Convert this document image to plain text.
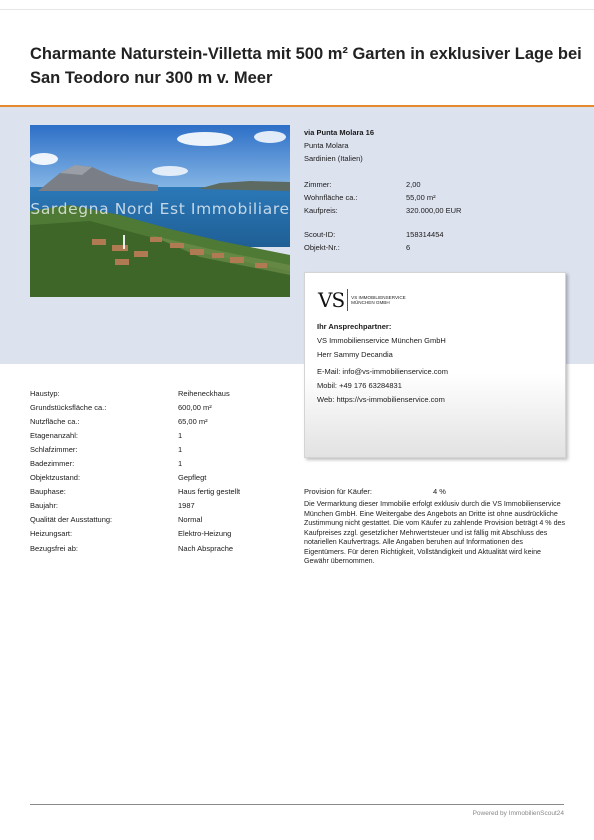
Charmante Naturstein-Villetta mit 500 m² Garten in exklusiver Lage bei San Teodoro nur 300 m v. Meer
Sardegna Nord Est Immobiliare
via Punta Molara 16
Punta Molara
Sardinien (Italien)
Zimmer:	2,00
Wohnfläche ca.:	55,00 m²
Kaufpreis:	320.000,00 EUR
Scout-ID:	158314454
Objekt-Nr.:	6
VS VS IMMOBILIENSERVICE
MÜNCHEN GMBH
Ihr Ansprechpartner:
VS Immobilienservice München GmbH
Herr Sammy Decandia
E-Mail: info@vs-immobilienservice.com
Mobil: +49 176 63284831
Web: https://vs-immobilienservice.com
Haustyp:	Reiheneckhaus
Grundstücksfläche ca.:	600,00 m²
Nutzfläche ca.:	65,00 m²
Etagenanzahl:	1
Schlafzimmer:	1
Badezimmer:	1
Objektzustand:	Gepflegt
Bauphase:	Haus fertig gestellt
Baujahr:	1987
Qualität der Ausstattung:	Normal
Heizungsart:	Elektro-Heizung
Bezugsfrei ab:	Nach Absprache
Provision für Käufer:	4 %

Die Vermarktung dieser Immobilie erfolgt exklusiv durch die VS Immobilienservice München GmbH. Eine Weitergabe des Angebots an Dritte ist ohne ausdrückliche Zustimmung nicht gestattet. Die vom Käufer zu zahlende Provision beträgt 4 % des Kaufpreises zzgl. gesetzlicher Mehrwertsteuer und ist fällig mit Abschluss des notariellen Kaufvertrags. Alle Angaben beruhen auf Informationen des Eigentümers. Für deren Richtigkeit, Vollständigkeit und Aktualität wird keine Gewähr übernommen.

Powered by ImmobilienScout24
